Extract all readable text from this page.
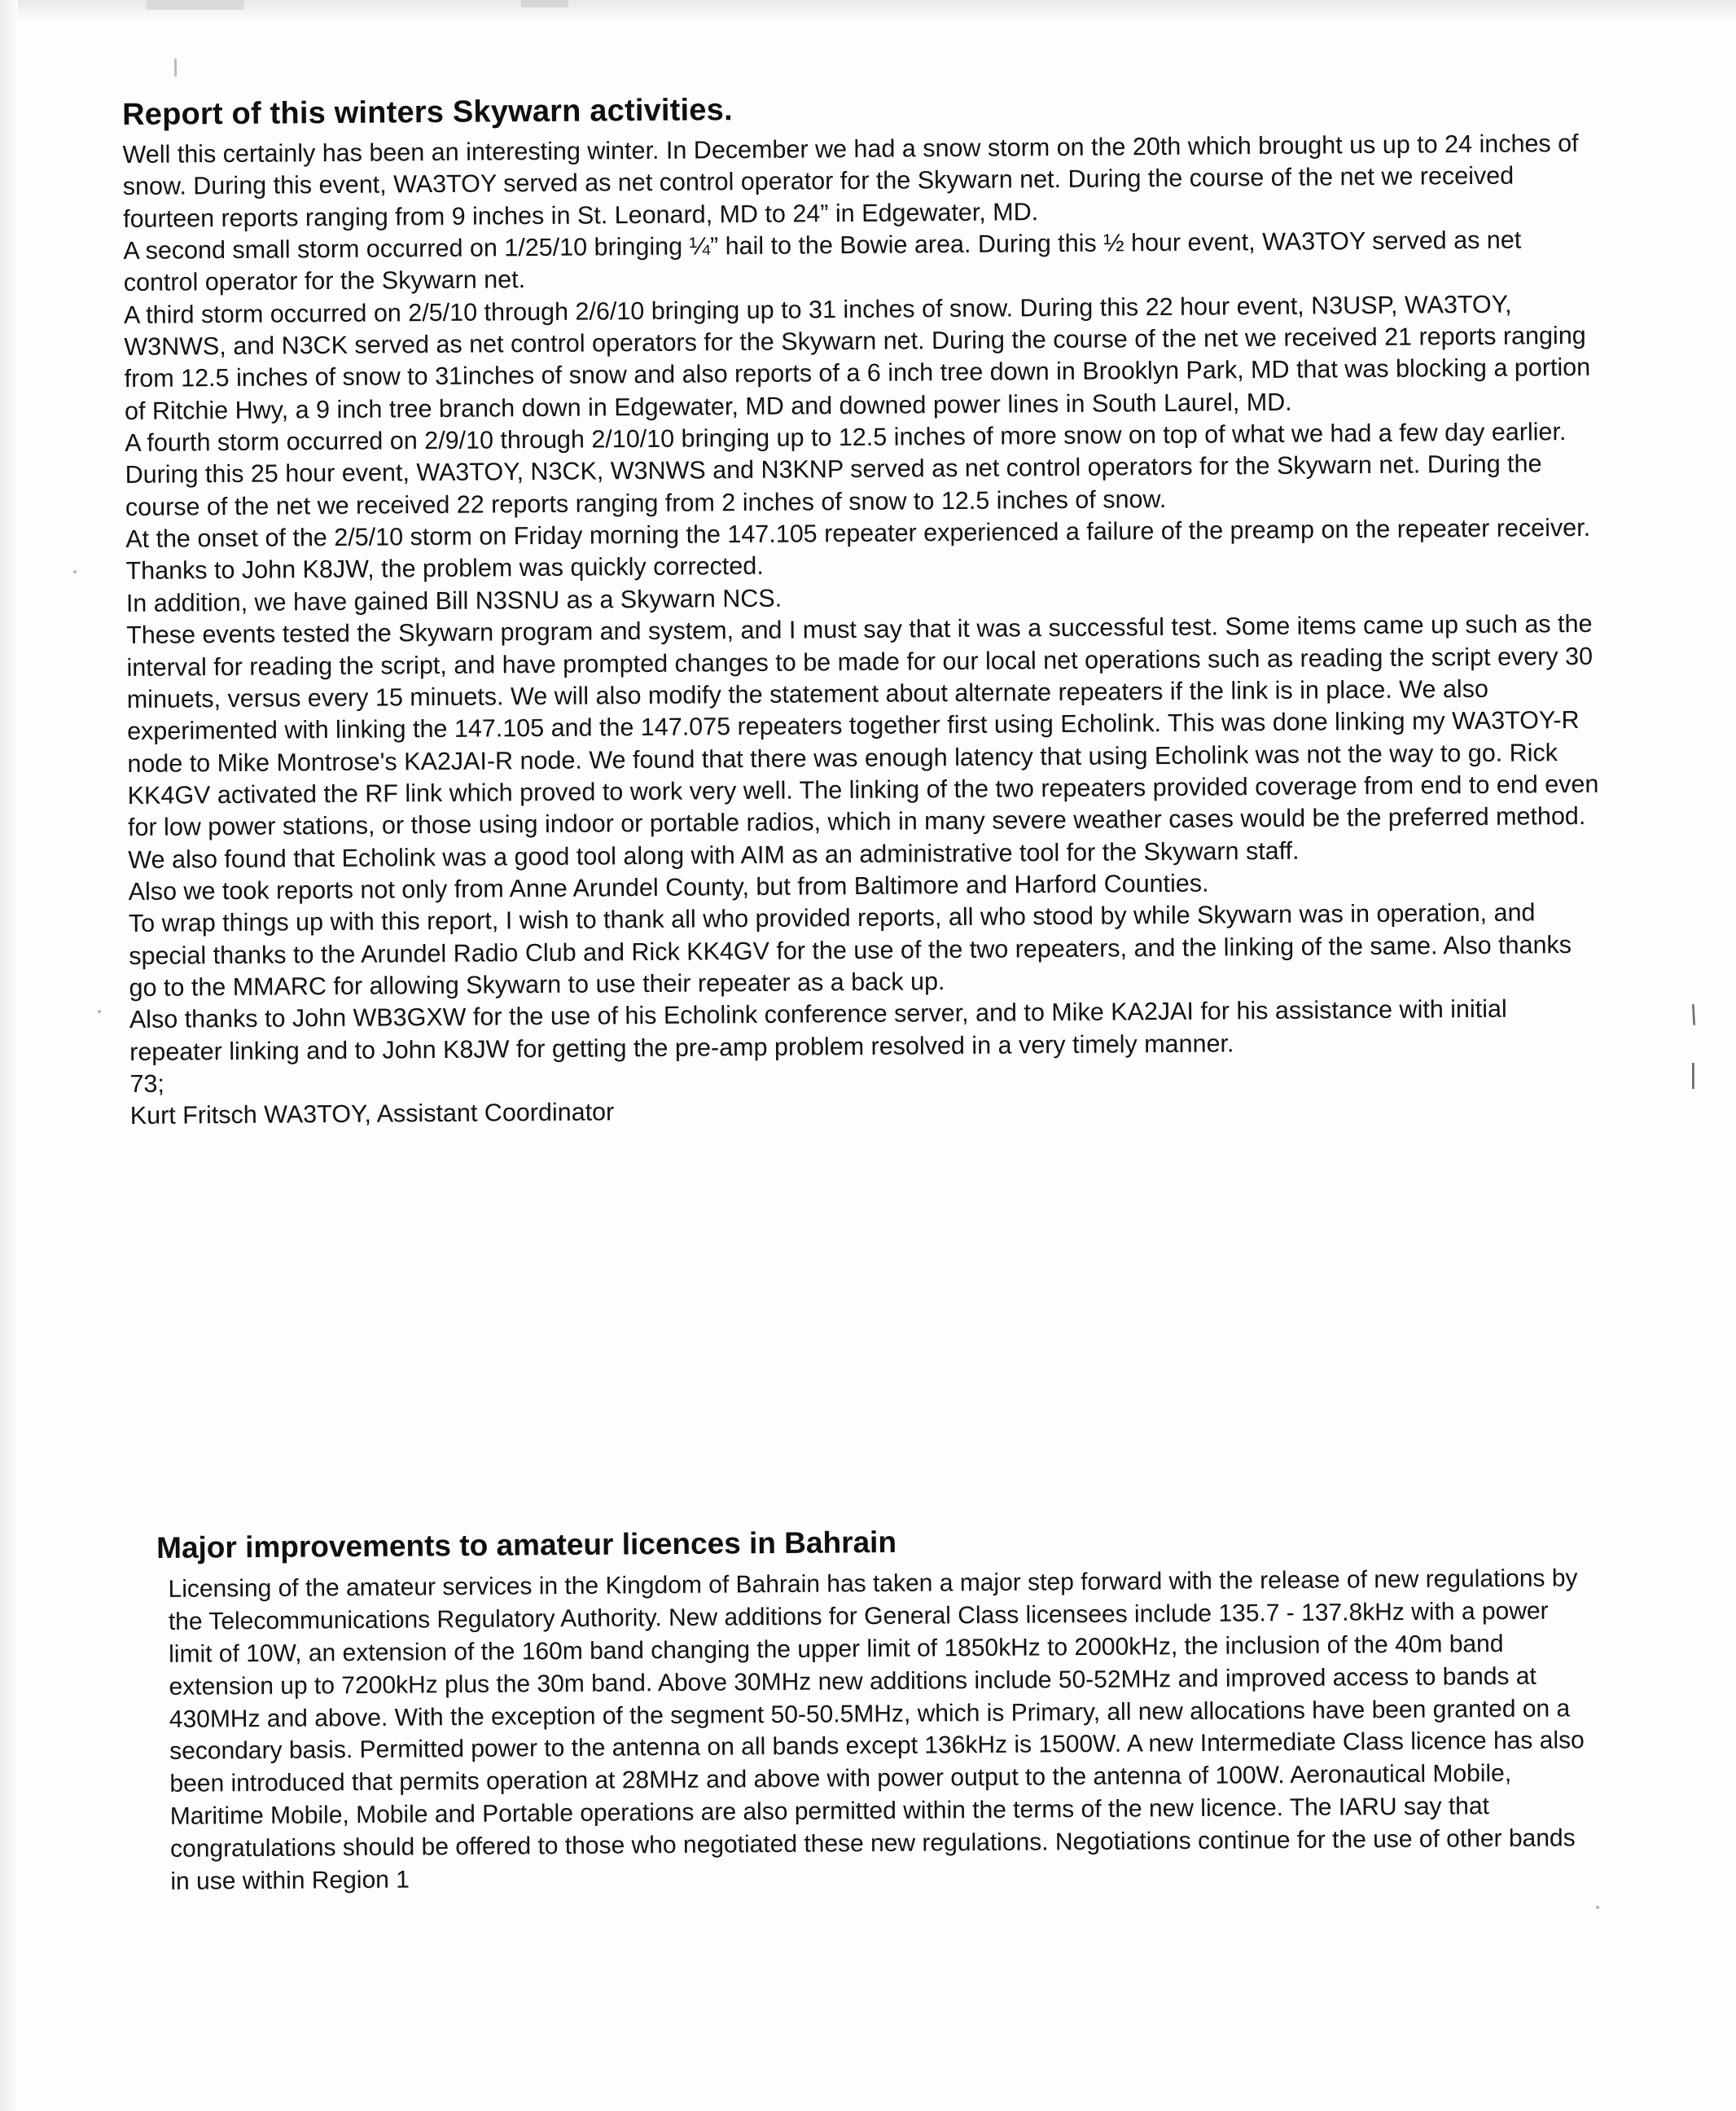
Report of this winters Skywarn activities.

Well this certainly has been an interesting winter. In December we had a snow storm on the 20th which brought us up to 24 inches of snow. During this event, WA3TOY served as net control operator for the Skywarn net. During the course of the net we received fourteen reports ranging from 9 inches in St. Leonard, MD to 24” in Edgewater, MD.

A second small storm occurred on 1/25/10 bringing ¼” hail to the Bowie area. During this ½ hour event, WA3TOY served as net control operator for the Skywarn net.

A third storm occurred on 2/5/10 through 2/6/10 bringing up to 31 inches of snow. During this 22 hour event, N3USP, WA3TOY, W3NWS, and N3CK served as net control operators for the Skywarn net. During the course of the net we received 21 reports ranging from 12.5 inches of snow to 31inches of snow and also reports of a 6 inch tree down in Brooklyn Park, MD that was blocking a portion of Ritchie Hwy, a 9 inch tree branch down in Edgewater, MD and downed power lines in South Laurel, MD.

A fourth storm occurred on 2/9/10 through 2/10/10 bringing up to 12.5 inches of more snow on top of what we had a few day earlier. During this 25 hour event, WA3TOY, N3CK, W3NWS and N3KNP served as net control operators for the Skywarn net. During the course of the net we received 22 reports ranging from 2 inches of snow to 12.5 inches of snow.

At the onset of the 2/5/10 storm on Friday morning the 147.105 repeater experienced a failure of the preamp on the repeater receiver. Thanks to John K8JW, the problem was quickly corrected.

In addition, we have gained Bill N3SNU as a Skywarn NCS.

These events tested the Skywarn program and system, and I must say that it was a successful test. Some items came up such as the interval for reading the script, and have prompted changes to be made for our local net operations such as reading the script every 30 minuets, versus every 15 minuets. We will also modify the statement about alternate repeaters if the link is in place. We also experimented with linking the 147.105 and the 147.075 repeaters together first using Echolink. This was done linking my WA3TOY-R node to Mike Montrose's KA2JAI-R node. We found that there was enough latency that using Echolink was not the way to go. Rick KK4GV activated the RF link which proved to work very well. The linking of the two repeaters provided coverage from end to end even for low power stations, or those using indoor or portable radios, which in many severe weather cases would be the preferred method. We also found that Echolink was a good tool along with AIM as an administrative tool for the Skywarn staff.

Also we took reports not only from Anne Arundel County, but from Baltimore and Harford Counties.

To wrap things up with this report, I wish to thank all who provided reports, all who stood by while Skywarn was in operation, and special thanks to the Arundel Radio Club and Rick KK4GV for the use of the two repeaters, and the linking of the same. Also thanks go to the MMARC for allowing Skywarn to use their repeater as a back up.

Also thanks to John WB3GXW for the use of his Echolink conference server, and to Mike KA2JAI for his assistance with initial repeater linking and to John K8JW for getting the pre-amp problem resolved in a very timely manner.

73;

Kurt Fritsch WA3TOY, Assistant Coordinator

\
|
Major improvements to amateur licences in Bahrain

Licensing of the amateur services in the Kingdom of Bahrain has taken a major step forward with the release of new regulations by the Telecommunications Regulatory Authority. New additions for General Class licensees include 135.7 - 137.8kHz with a power limit of 10W, an extension of the 160m band changing the upper limit of 1850kHz to 2000kHz, the inclusion of the 40m band extension up to 7200kHz plus the 30m band. Above 30MHz new additions include 50-52MHz and improved access to bands at 430MHz and above. With the exception of the segment 50-50.5MHz, which is Primary, all new allocations have been granted on a secondary basis. Permitted power to the antenna on all bands except 136kHz is 1500W. A new Intermediate Class licence has also been introduced that permits operation at 28MHz and above with power output to the antenna of 100W. Aeronautical Mobile, Maritime Mobile, Mobile and Portable operations are also permitted within the terms of the new licence. The IARU say that congratulations should be offered to those who negotiated these new regulations. Negotiations continue for the use of other bands in use within Region 1
